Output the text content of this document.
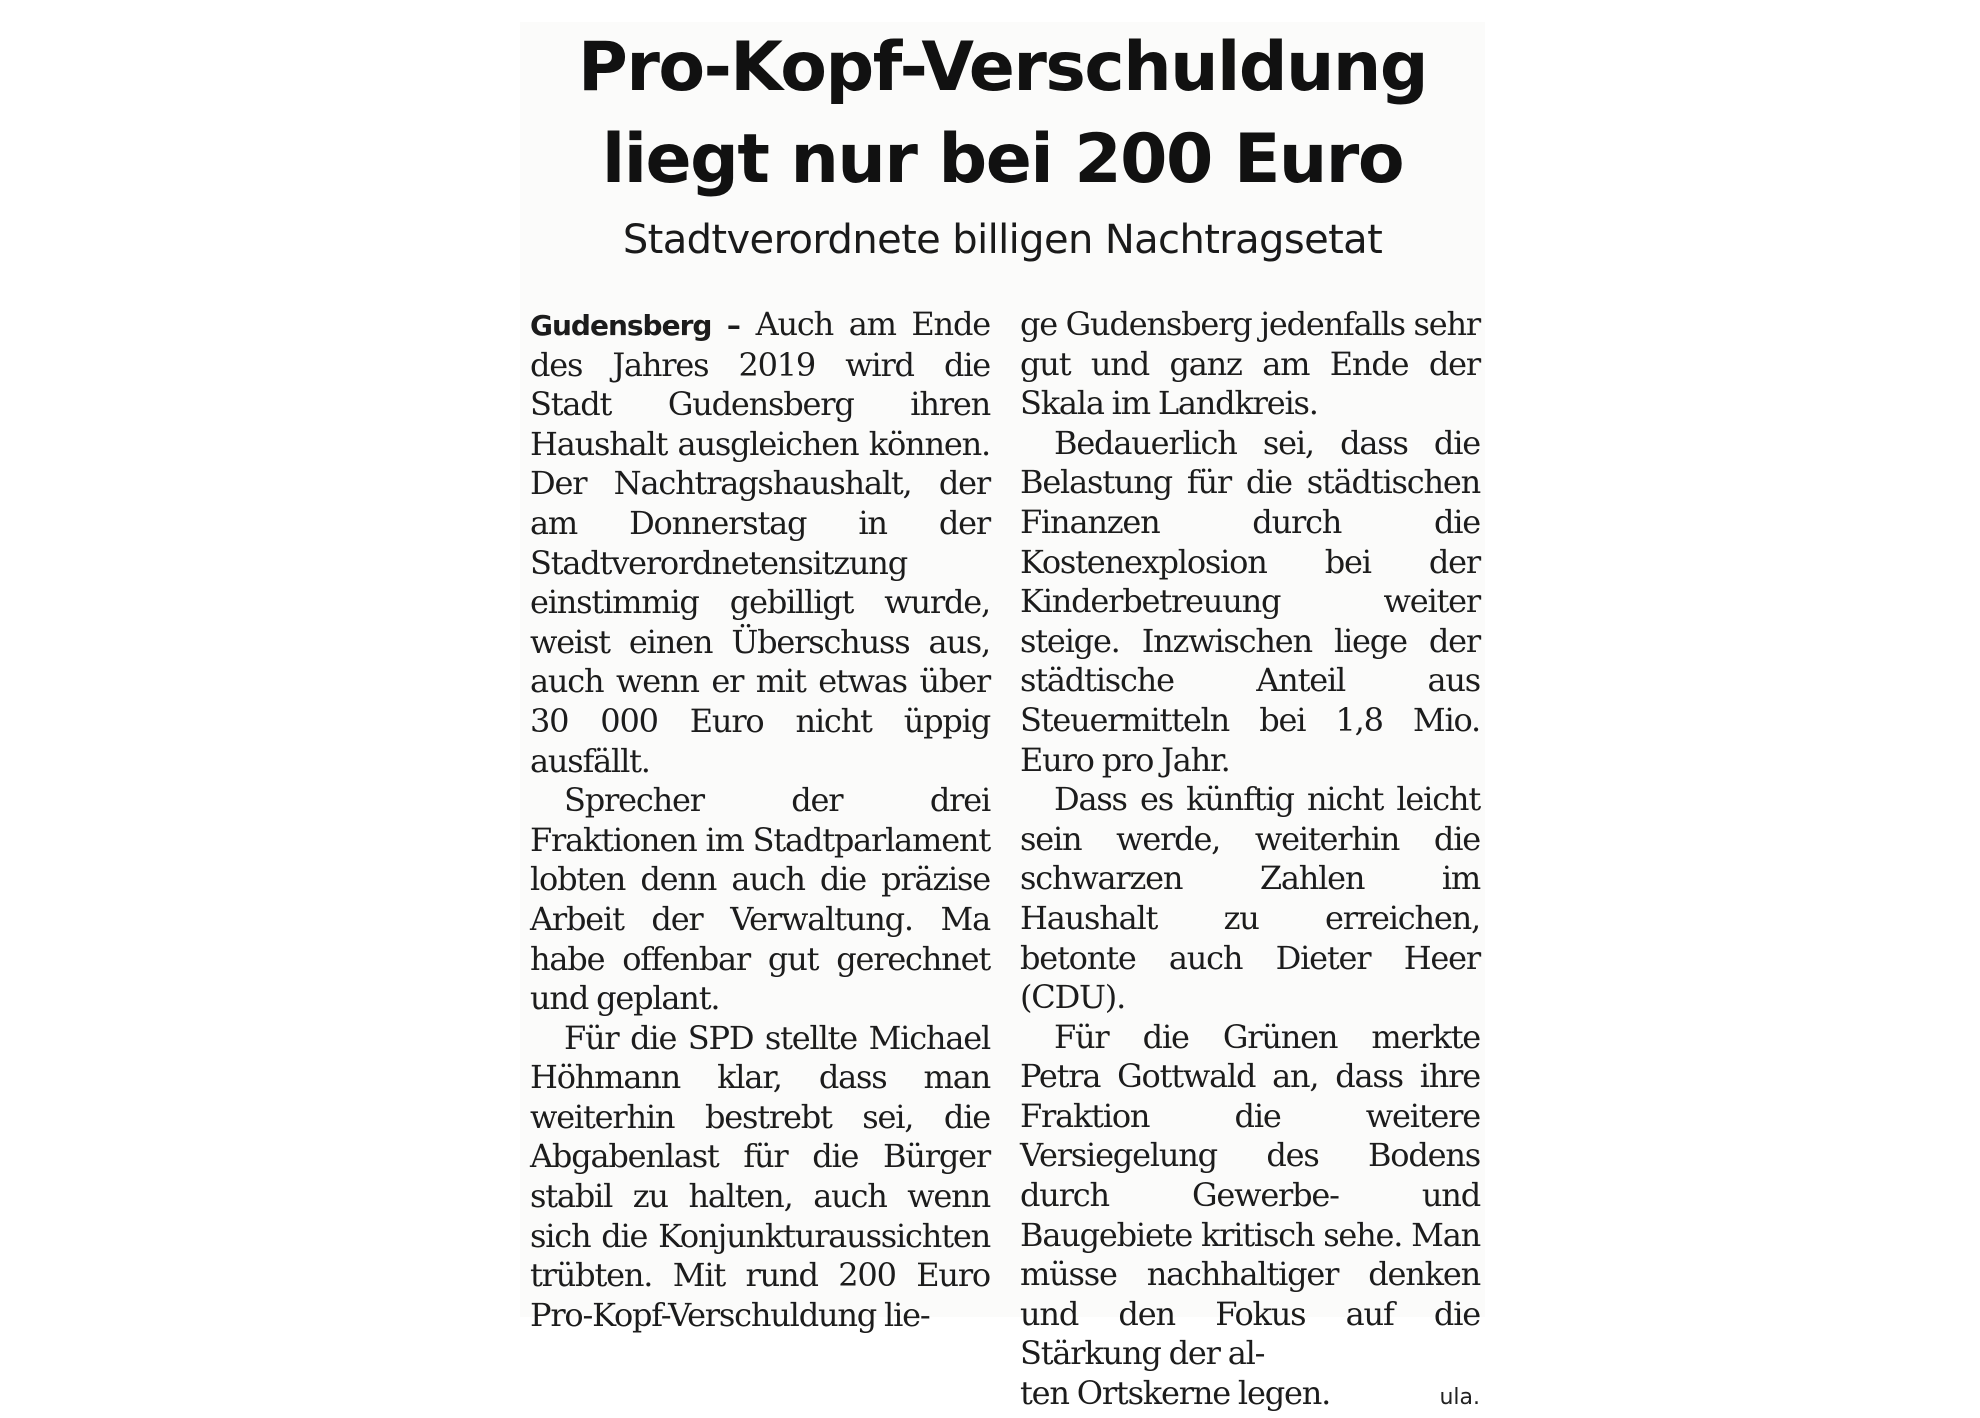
Pro-Kopf-Verschuldung
liegt nur bei 200 Euro
Stadtverordnete billigen Nachtragsetat

Gudensberg – Auch am Ende des Jahres 2019 wird die Stadt Gudensberg ihren Haushalt ausgleichen können. Der Nachtragshaushalt, der am Donnerstag in der Stadtverordnetensitzung einstimmig gebilligt wurde, weist einen Überschuss aus, auch wenn er mit etwas über 30 000 Euro nicht üppig ausfällt.

Sprecher der drei Fraktionen im Stadtparlament lobten denn auch die präzise Arbeit der Verwaltung. Ma habe offenbar gut gerechnet und geplant.

Für die SPD stellte Michael Höhmann klar, dass man weiterhin bestrebt sei, die Abgabenlast für die Bürger stabil zu halten, auch wenn sich die Konjunkturaussichten trübten. Mit rund 200 Euro Pro-Kopf-Verschuldung lie-

ge Gudensberg jedenfalls sehr gut und ganz am Ende der Skala im Landkreis.

Bedauerlich sei, dass die Belastung für die städtischen Finanzen durch die Kostenexplosion bei der Kinderbetreuung weiter steige. Inzwischen liege der städtische Anteil aus Steuermitteln bei 1,8 Mio. Euro pro Jahr.

Dass es künftig nicht leicht sein werde, weiterhin die schwarzen Zahlen im Haushalt zu erreichen, betonte auch Dieter Heer (CDU).

Für die Grünen merkte Petra Gottwald an, dass ihre Fraktion die weitere Versiegelung des Bodens durch Gewerbe- und Baugebiete kritisch sehe. Man müsse nachhaltiger denken und den Fokus auf die Stärkung der al-

ten Ortskerne legen.	ula.
